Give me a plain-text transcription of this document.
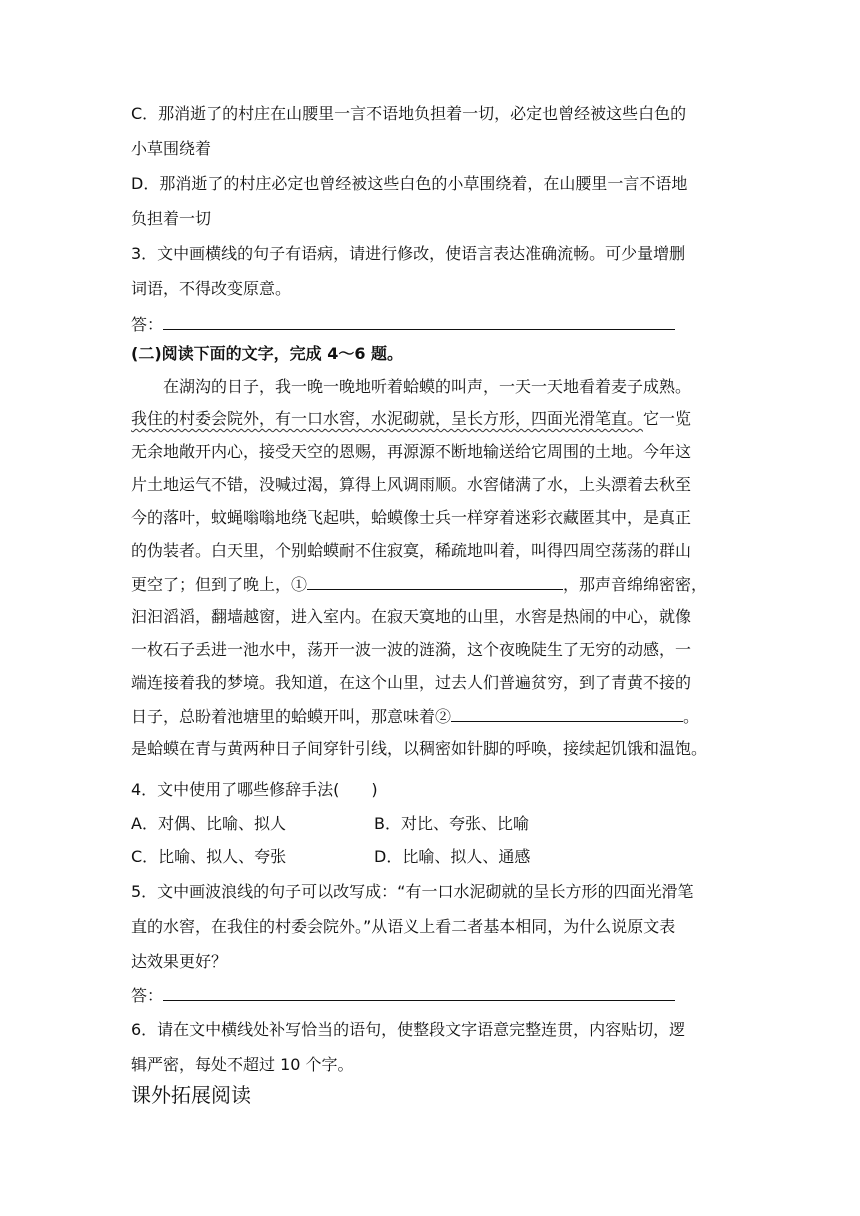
C．那消逝了的村庄在山腰里一言不语地负担着一切，必定也曾经被这些白色的
小草围绕着
D．那消逝了的村庄必定也曾经被这些白色的小草围绕着，在山腰里一言不语地
负担着一切
3．文中画横线的句子有语病，请进行修改，使语言表达准确流畅。可少量增删
词语，不得改变原意。
答：
(二)阅读下面的文字，完成 4～6 题。
在湖沟的日子，我一晚一晚地听着蛤蟆的叫声，一天一天地看着麦子成熟。
我住的村委会院外，有一口水窖，水泥砌就，呈长方形，四面光滑笔直。它一览
无余地敞开内心，接受天空的恩赐，再源源不断地输送给它周围的土地。今年这
片土地运气不错，没喊过渴，算得上风调雨顺。水窖储满了水，上头漂着去秋至
今的落叶，蚊蝇嗡嗡地绕飞起哄，蛤蟆像士兵一样穿着迷彩衣藏匿其中，是真正
的伪装者。白天里，个别蛤蟆耐不住寂寞，稀疏地叫着，叫得四周空荡荡的群山
更空了；但到了晚上，①	，那声音绵绵密密，
汩汩滔滔，翻墙越窗，进入室内。在寂天寞地的山里，水窖是热闹的中心，就像
一枚石子丢进一池水中，荡开一波一波的涟漪，这个夜晚陡生了无穷的动感，一
端连接着我的梦境。我知道，在这个山里，过去人们普遍贫穷，到了青黄不接的
日子，总盼着池塘里的蛤蟆开叫，那意味着②	。
是蛤蟆在青与黄两种日子间穿针引线，以稠密如针脚的呼唤，接续起饥饿和温饱。
4．文中使用了哪些修辞手法(　　)
A．对偶、比喻、拟人	B．对比、夸张、比喻
C．比喻、拟人、夸张	D．比喻、拟人、通感
5．文中画波浪线的句子可以改写成：“有一口水泥砌就的呈长方形的四面光滑笔
直的水窖，在我住的村委会院外。”从语义上看二者基本相同，为什么说原文表
达效果更好？
答：
6．请在文中横线处补写恰当的语句，使整段文字语意完整连贯，内容贴切，逻
辑严密，每处不超过 10 个字。
课外拓展阅读
